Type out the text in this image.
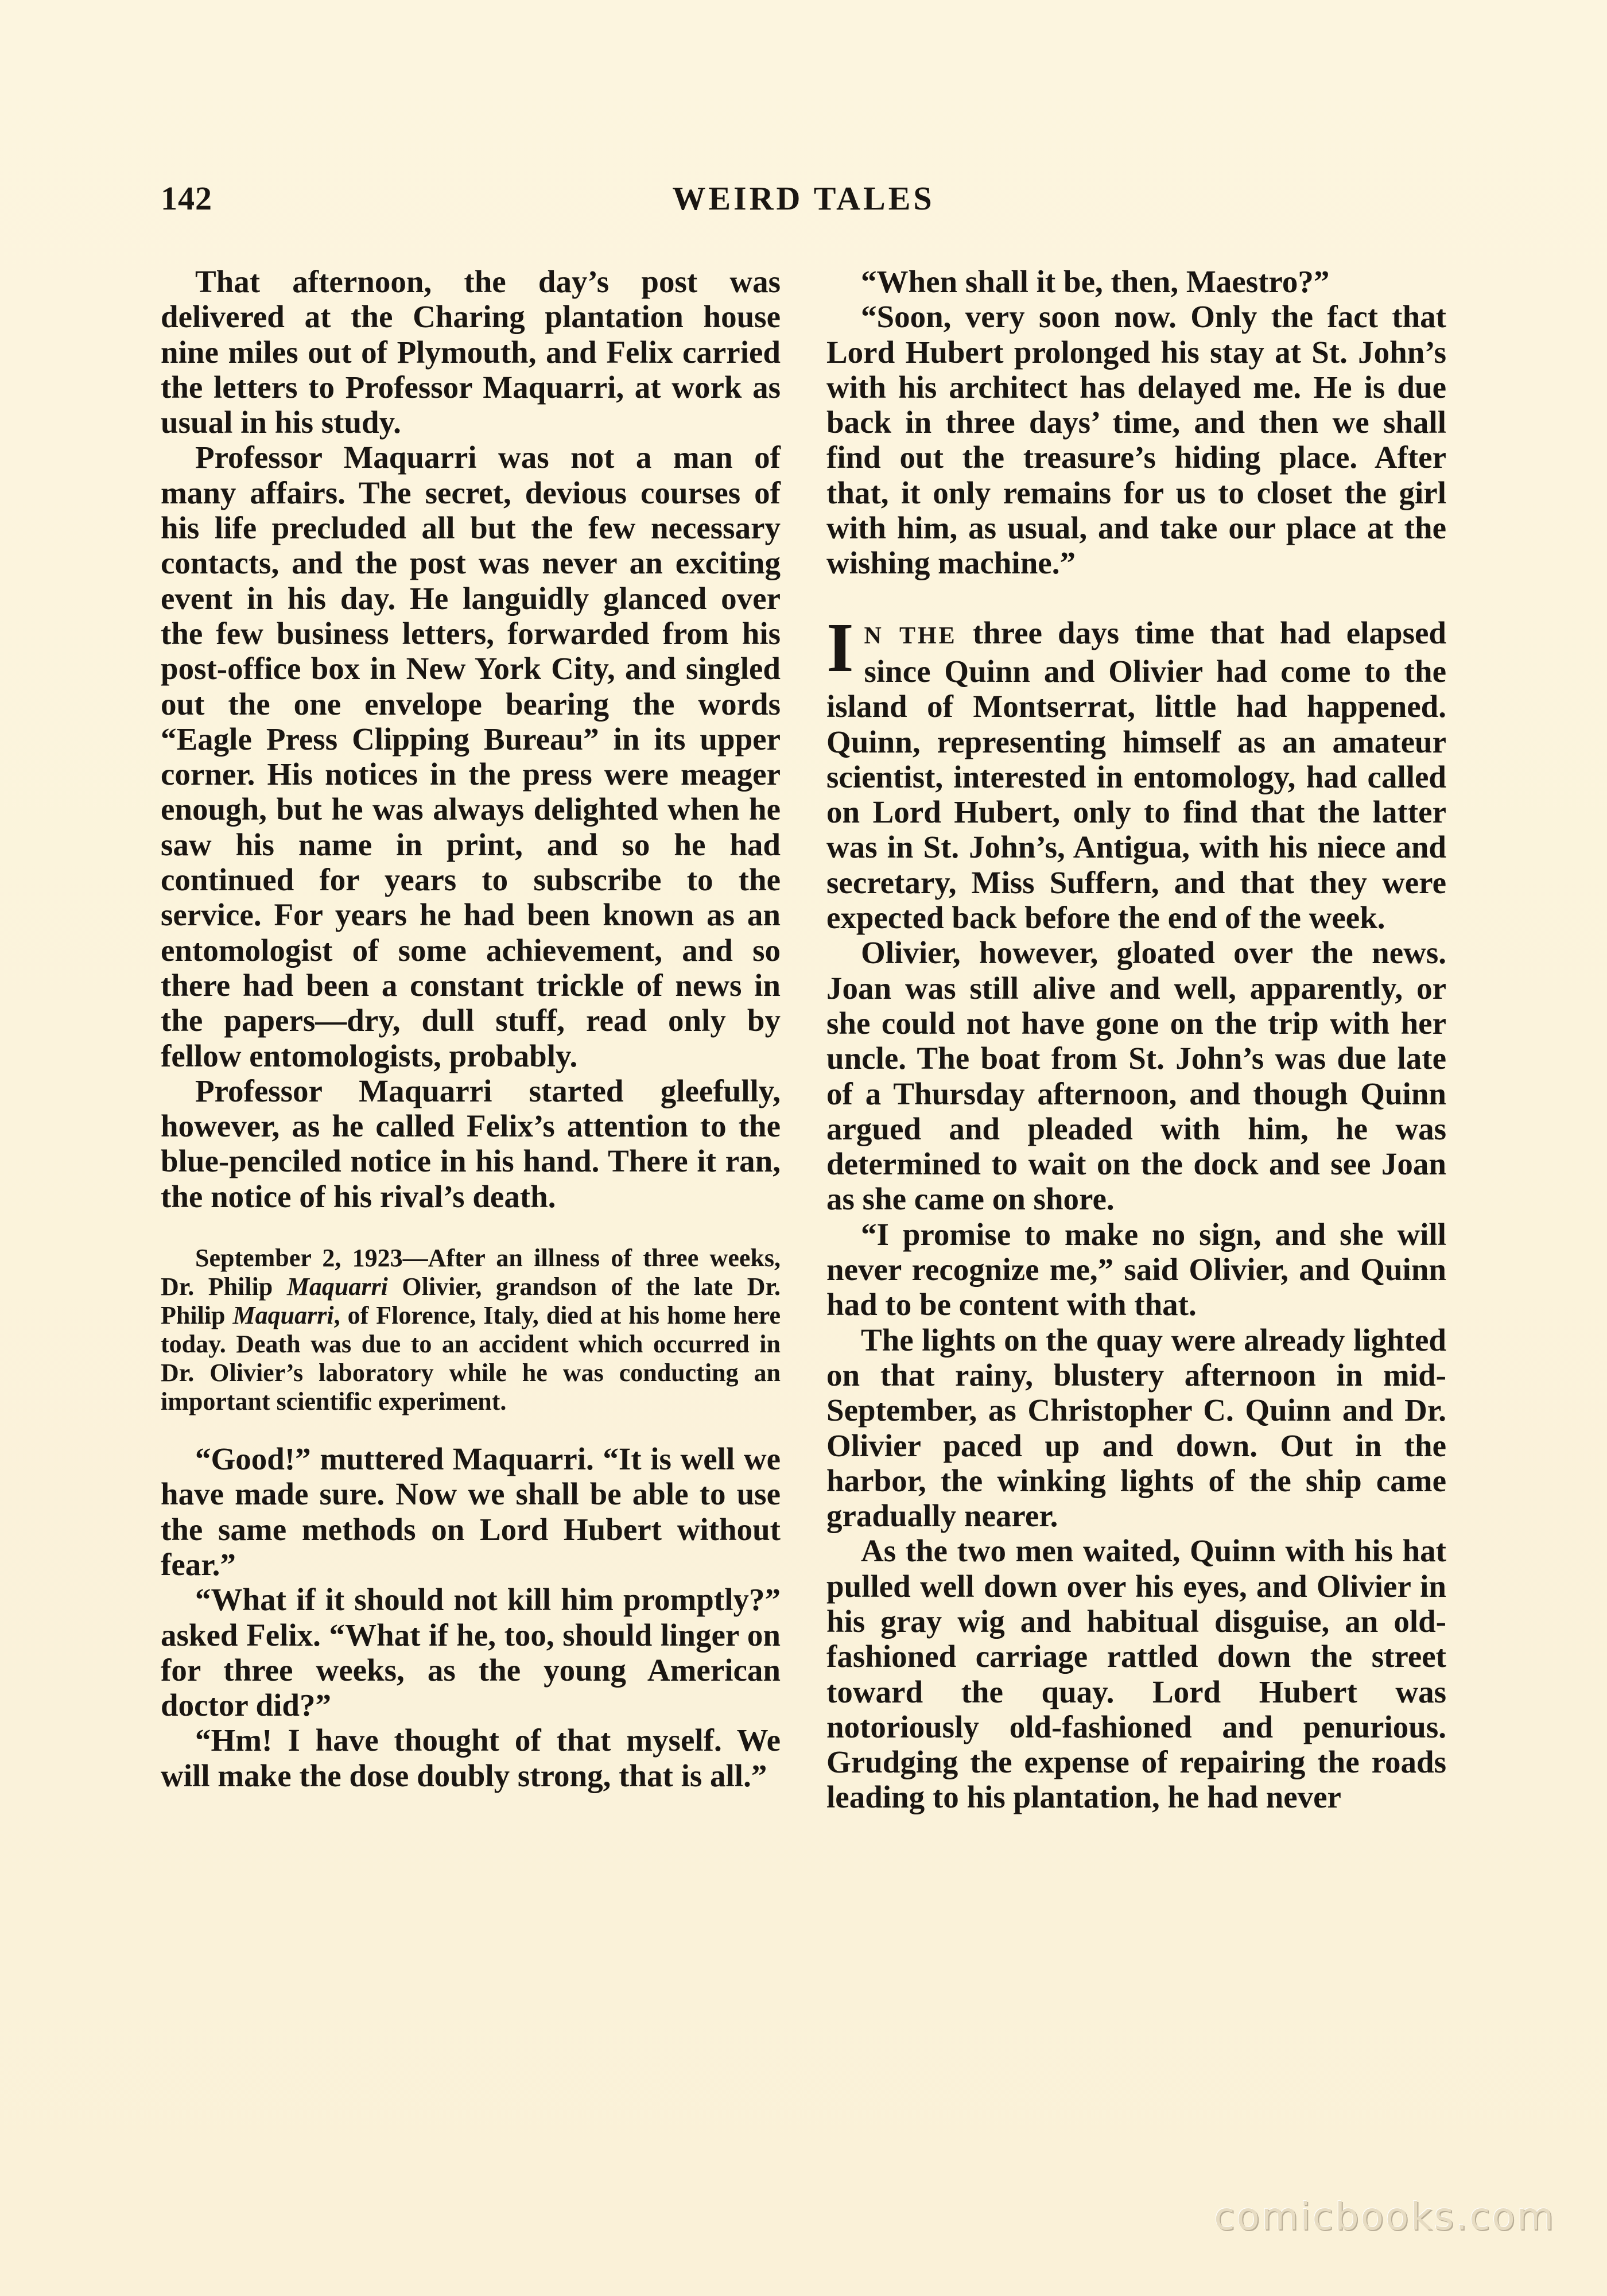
142	WEIRD TALES

That afternoon, the day’s post was delivered at the Charing plantation house nine miles out of Plymouth, and Felix carried the letters to Professor Maquarri, at work as usual in his study.

Professor Maquarri was not a man of many affairs. The secret, devious courses of his life precluded all but the few necessary contacts, and the post was never an exciting event in his day. He languidly glanced over the few business letters, forwarded from his post-office box in New York City, and singled out the one envelope bearing the words “Eagle Press Clipping Bureau” in its upper corner. His notices in the press were meager enough, but he was always delighted when he saw his name in print, and so he had continued for years to subscribe to the service. For years he had been known as an entomologist of some achievement, and so there had been a constant trickle of news in the papers—dry, dull stuff, read only by fellow entomologists, probably.

Professor Maquarri started gleefully, however, as he called Felix’s attention to the blue-penciled notice in his hand. There it ran, the notice of his rival’s death.

September 2, 1923—After an illness of three weeks, Dr. Philip Maquarri Olivier, grandson of the late Dr. Philip Maquarri, of Florence, Italy, died at his home here today. Death was due to an accident which occurred in Dr. Olivier’s laboratory while he was conducting an important scientific experiment.

“Good!” muttered Maquarri. “It is well we have made sure. Now we shall be able to use the same methods on Lord Hubert without fear.”

“What if it should not kill him promptly?” asked Felix. “What if he, too, should linger on for three weeks, as the young American doctor did?”

“Hm! I have thought of that myself. We will make the dose doubly strong, that is all.”

“When shall it be, then, Maestro?”

“Soon, very soon now. Only the fact that Lord Hubert prolonged his stay at St. John’s with his architect has delayed me. He is due back in three days’ time, and then we shall find out the treasure’s hiding place. After that, it only remains for us to closet the girl with him, as usual, and take our place at the wishing machine.”

I N THE three days time that had elapsed since Quinn and Olivier had come to the island of Montserrat, little had happened. Quinn, representing himself as an amateur scientist, interested in entomology, had called on Lord Hubert, only to find that the latter was in St. John’s, Antigua, with his niece and secretary, Miss Suffern, and that they were expected back before the end of the week.

Olivier, however, gloated over the news. Joan was still alive and well, apparently, or she could not have gone on the trip with her uncle. The boat from St. John’s was due late of a Thursday afternoon, and though Quinn argued and pleaded with him, he was determined to wait on the dock and see Joan as she came on shore.

“I promise to make no sign, and she will never recognize me,” said Olivier, and Quinn had to be content with that.

The lights on the quay were already lighted on that rainy, blustery afternoon in mid-September, as Christopher C. Quinn and Dr. Olivier paced up and down. Out in the harbor, the winking lights of the ship came gradually nearer.

As the two men waited, Quinn with his hat pulled well down over his eyes, and Olivier in his gray wig and habitual disguise, an old-fashioned carriage rattled down the street toward the quay. Lord Hubert was notoriously old-fashioned and penurious. Grudging the expense of repairing the roads leading to his plantation, he had never

comicbooks.com
